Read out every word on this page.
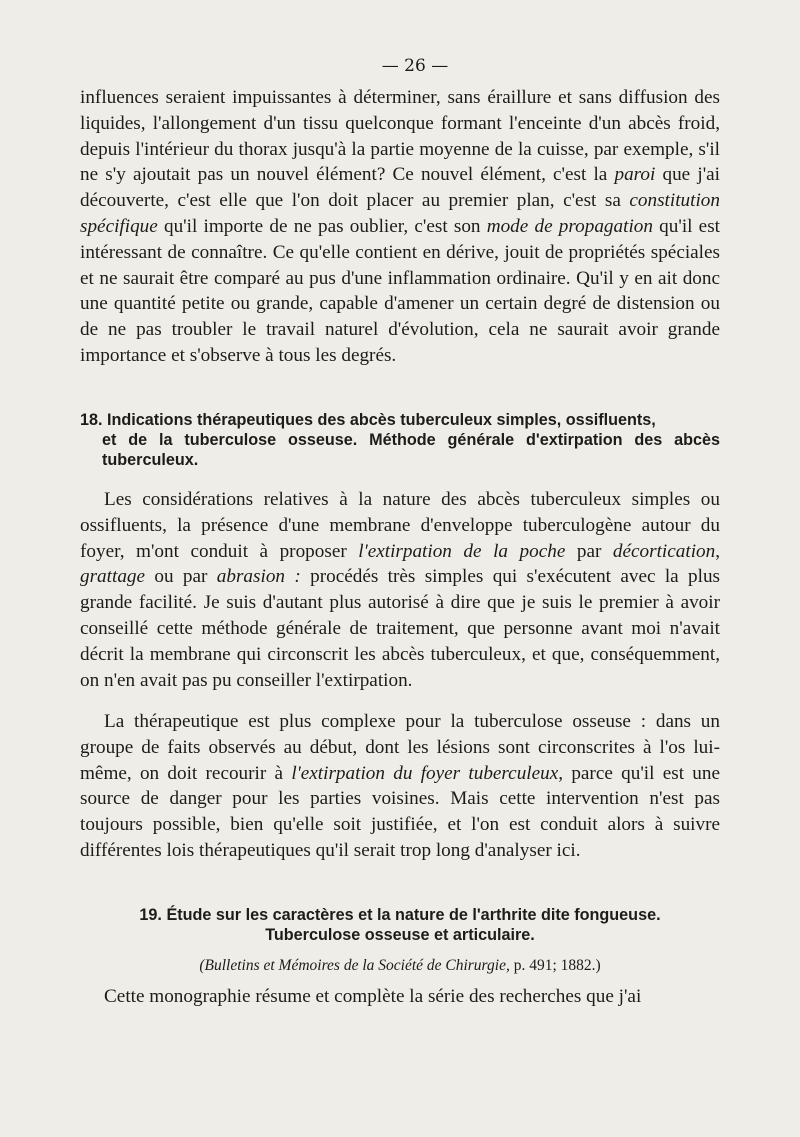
— 26 —

influences seraient impuissantes à déterminer, sans éraillure et sans diffusion des liquides, l'allongement d'un tissu quelconque formant l'enceinte d'un abcès froid, depuis l'intérieur du thorax jusqu'à la partie moyenne de la cuisse, par exemple, s'il ne s'y ajoutait pas un nouvel élément? Ce nouvel élément, c'est la paroi que j'ai découverte, c'est elle que l'on doit placer au premier plan, c'est sa constitution spécifique qu'il importe de ne pas oublier, c'est son mode de propagation qu'il est intéressant de connaître. Ce qu'elle contient en dérive, jouit de propriétés spéciales et ne saurait être comparé au pus d'une inflammation ordinaire. Qu'il y en ait donc une quantité petite ou grande, capable d'amener un certain degré de distension ou de ne pas troubler le travail naturel d'évolution, cela ne saurait avoir grande importance et s'observe à tous les degrés.

18. Indications thérapeutiques des abcès tuberculeux simples, ossifluents,
et de la tuberculose osseuse. Méthode générale d'extirpation des abcès tuberculeux.

Les considérations relatives à la nature des abcès tuberculeux simples ou ossifluents, la présence d'une membrane d'enveloppe tuberculogène autour du foyer, m'ont conduit à proposer l'extirpation de la poche par décortication, grattage ou par abrasion : procédés très simples qui s'exécutent avec la plus grande facilité. Je suis d'autant plus autorisé à dire que je suis le premier à avoir conseillé cette méthode générale de traitement, que personne avant moi n'avait décrit la membrane qui circonscrit les abcès tuberculeux, et que, conséquemment, on n'en avait pas pu conseiller l'extirpation.

La thérapeutique est plus complexe pour la tuberculose osseuse : dans un groupe de faits observés au début, dont les lésions sont circonscrites à l'os lui-même, on doit recourir à l'extirpation du foyer tuberculeux, parce qu'il est une source de danger pour les parties voisines. Mais cette intervention n'est pas toujours possible, bien qu'elle soit justifiée, et l'on est conduit alors à suivre différentes lois thérapeutiques qu'il serait trop long d'analyser ici.

19. Étude sur les caractères et la nature de l'arthrite dite fongueuse.
Tuberculose osseuse et articulaire.
(Bulletins et Mémoires de la Société de Chirurgie, p. 491; 1882.)

Cette monographie résume et complète la série des recherches que j'ai
